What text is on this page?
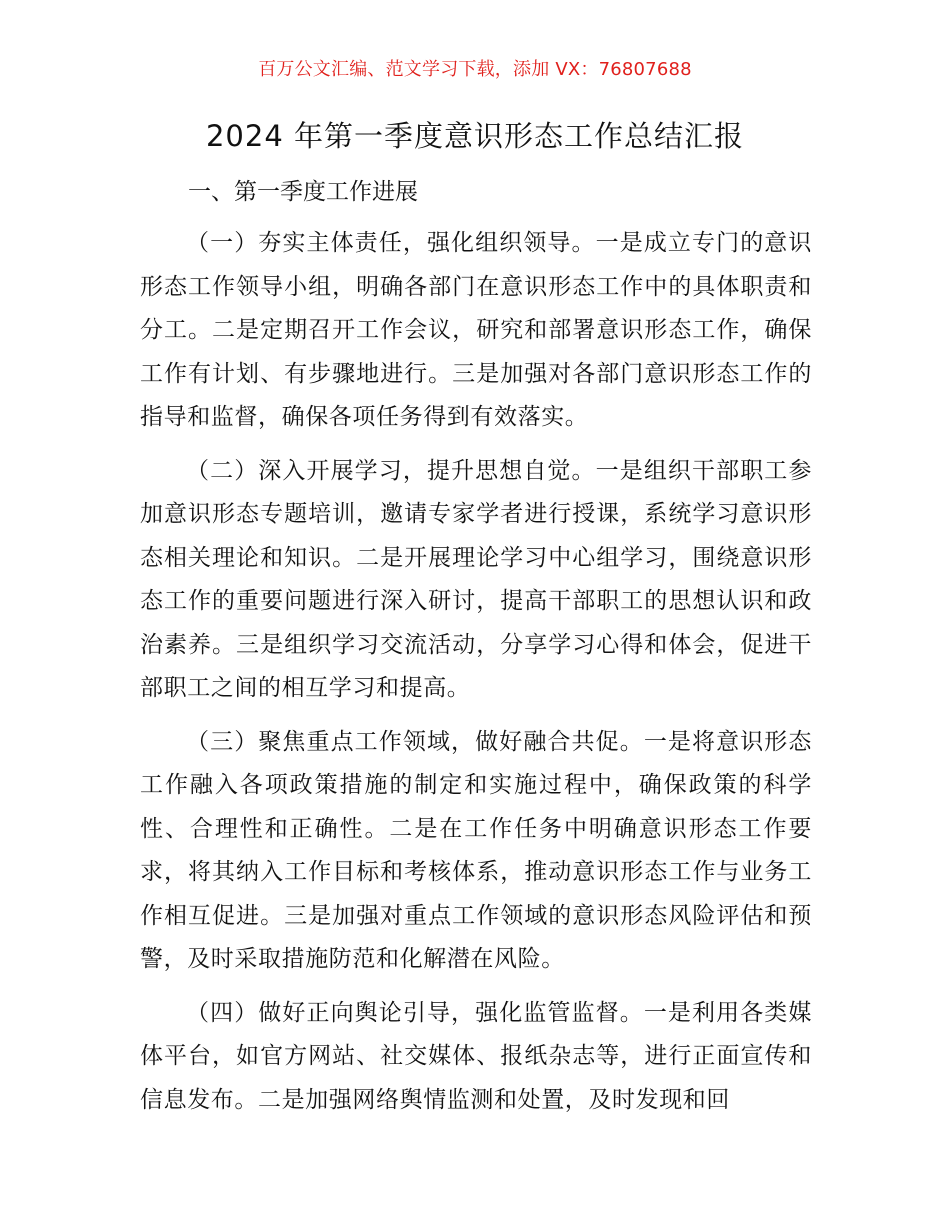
百万公文汇编、范文学习下载，添加 VX：76807688
2024 年第一季度意识形态工作总结汇报
一、第一季度工作进展

（一）夯实主体责任，强化组织领导。一是成立专门的意识形态工作领导小组，明确各部门在意识形态工作中的具体职责和分工。二是定期召开工作会议，研究和部署意识形态工作，确保工作有计划、有步骤地进行。三是加强对各部门意识形态工作的指导和监督，确保各项任务得到有效落实。

（二）深入开展学习，提升思想自觉。一是组织干部职工参加意识形态专题培训，邀请专家学者进行授课，系统学习意识形态相关理论和知识。二是开展理论学习中心组学习，围绕意识形态工作的重要问题进行深入研讨，提高干部职工的思想认识和政治素养。三是组织学习交流活动，分享学习心得和体会，促进干部职工之间的相互学习和提高。

（三）聚焦重点工作领域，做好融合共促。一是将意识形态工作融入各项政策措施的制定和实施过程中，确保政策的科学性、合理性和正确性。二是在工作任务中明确意识形态工作要求，将其纳入工作目标和考核体系，推动意识形态工作与业务工作相互促进。三是加强对重点工作领域的意识形态风险评估和预警，及时采取措施防范和化解潜在风险。

（四）做好正向舆论引导，强化监管监督。一是利用各类媒体平台，如官方网站、社交媒体、报纸杂志等，进行正面宣传和信息发布。二是加强网络舆情监测和处置，及时发现和回
